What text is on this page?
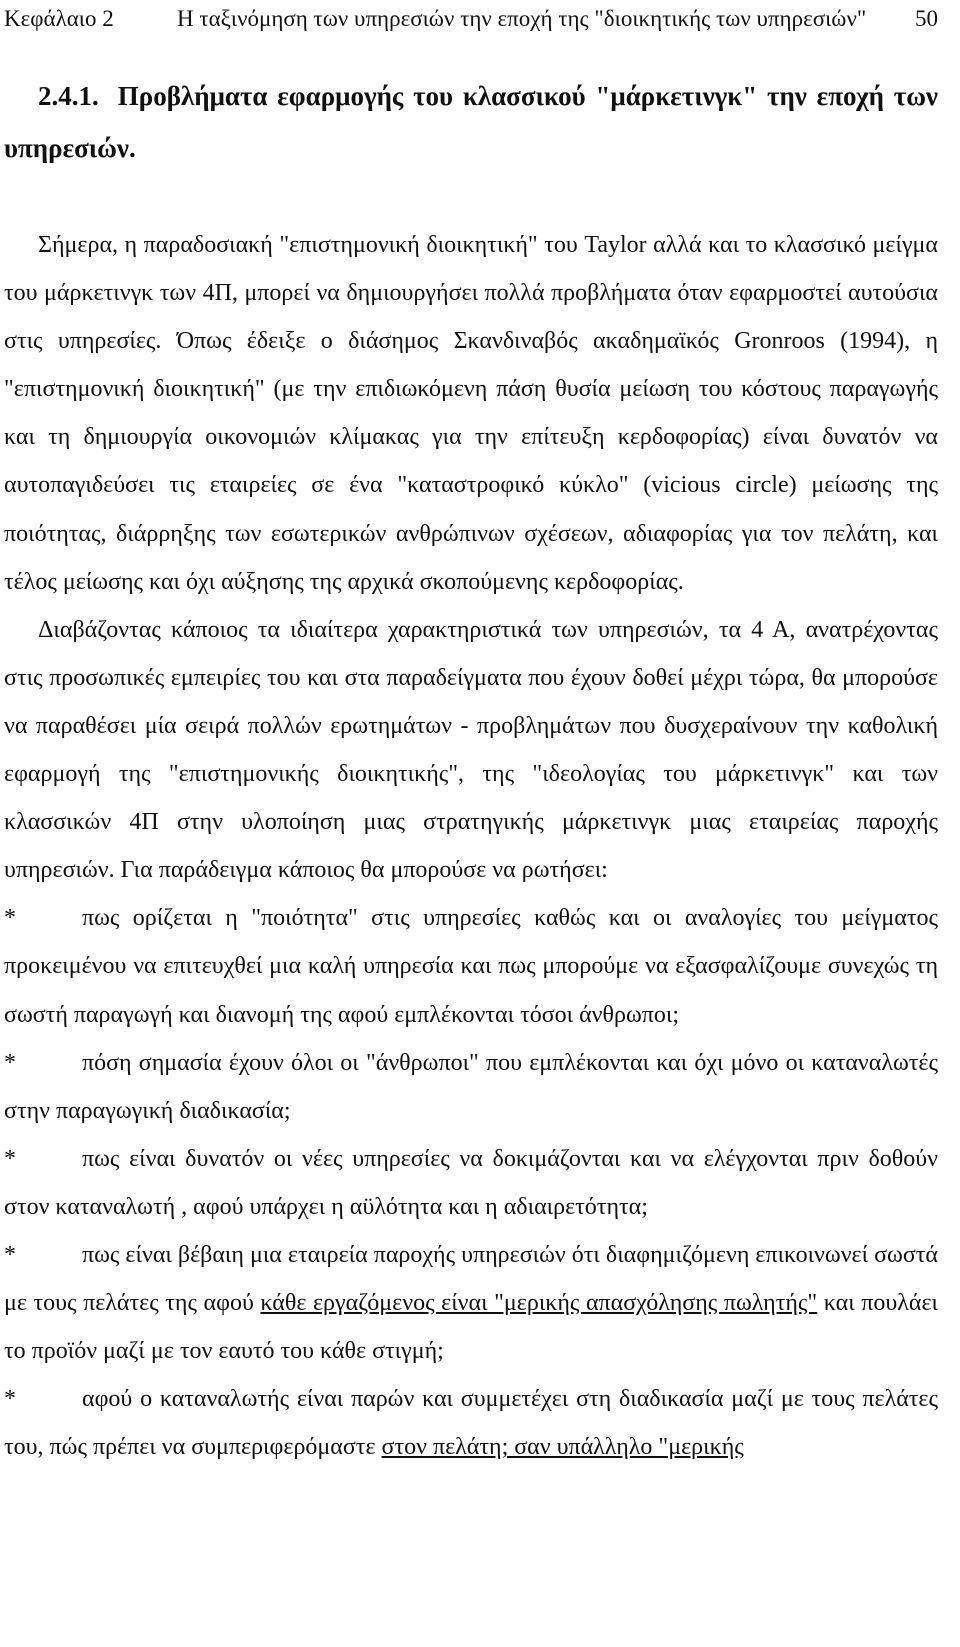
Κεφάλαιο 2	Η ταξινόμηση των υπηρεσιών την εποχή της "διοικητικής των υπηρεσιών" 50
2.4.1. Προβλήματα εφαρμογής του κλασσικού "μάρκετινγκ" την εποχή των υπηρεσιών.

Σήμερα, η παραδοσιακή "επιστημονική διοικητική" του Taylor αλλά και το κλασσικό μείγμα του μάρκετινγκ των 4Π, μπορεί να δημιουργήσει πολλά προβλήματα όταν εφαρμοστεί αυτούσια στις υπηρεσίες. Όπως έδειξε ο διάσημος Σκανδιναβός ακαδημαϊκός Gronroos (1994), η "επιστημονική διοικητική" (με την επιδιωκόμενη πάση θυσία μείωση του κόστους παραγωγής και τη δημιουργία οικονομιών κλίμακας για την επίτευξη κερδοφορίας) είναι δυνατόν να αυτοπαγιδεύσει τις εταιρείες σε ένα "καταστροφικό κύκλο" (vicious circle) μείωσης της ποιότητας, διάρρηξης των εσωτερικών ανθρώπινων σχέσεων, αδιαφορίας για τον πελάτη, και τέλος μείωσης και όχι αύξησης της αρχικά σκοπούμενης κερδοφορίας.

Διαβάζοντας κάποιος τα ιδιαίτερα χαρακτηριστικά των υπηρεσιών, τα 4 Α, ανατρέχοντας στις προσωπικές εμπειρίες του και στα παραδείγματα που έχουν δοθεί μέχρι τώρα, θα μπορούσε να παραθέσει μία σειρά πολλών ερωτημάτων - προβλημάτων που δυσχεραίνουν την καθολική εφαρμογή της "επιστημονικής διοικητικής", της "ιδεολογίας του μάρκετινγκ" και των κλασσικών 4Π στην υλοποίηση μιας στρατηγικής μάρκετινγκ μιας εταιρείας παροχής υπηρεσιών. Για παράδειγμα κάποιος θα μπορούσε να ρωτήσει:

*	πως ορίζεται η "ποιότητα" στις υπηρεσίες καθώς και οι αναλογίες του μείγματος προκειμένου να επιτευχθεί μια καλή υπηρεσία και πως μπορούμε να εξασφαλίζουμε συνεχώς τη σωστή παραγωγή και διανομή της αφού εμπλέκονται τόσοι άνθρωποι;

*	πόση σημασία έχουν όλοι οι "άνθρωποι" που εμπλέκονται και όχι μόνο οι καταναλωτές στην παραγωγική διαδικασία;

*	πως είναι δυνατόν οι νέες υπηρεσίες να δοκιμάζονται και να ελέγχονται πριν δοθούν στον καταναλωτή , αφού υπάρχει η αϋλότητα και η αδιαιρετότητα;

*	πως είναι βέβαιη μια εταιρεία παροχής υπηρεσιών ότι διαφημιζόμενη επικοινωνεί σωστά με τους πελάτες της αφού κάθε εργαζόμενος είναι "μερικής απασχόλησης πωλητής" και πουλάει το προϊόν μαζί με τον εαυτό του κάθε στιγμή;

*	αφού ο καταναλωτής είναι παρών και συμμετέχει στη διαδικασία μαζί με τους πελάτες του, πώς πρέπει να συμπεριφερόμαστε στον πελάτη; σαν υπάλληλο "μερικής
